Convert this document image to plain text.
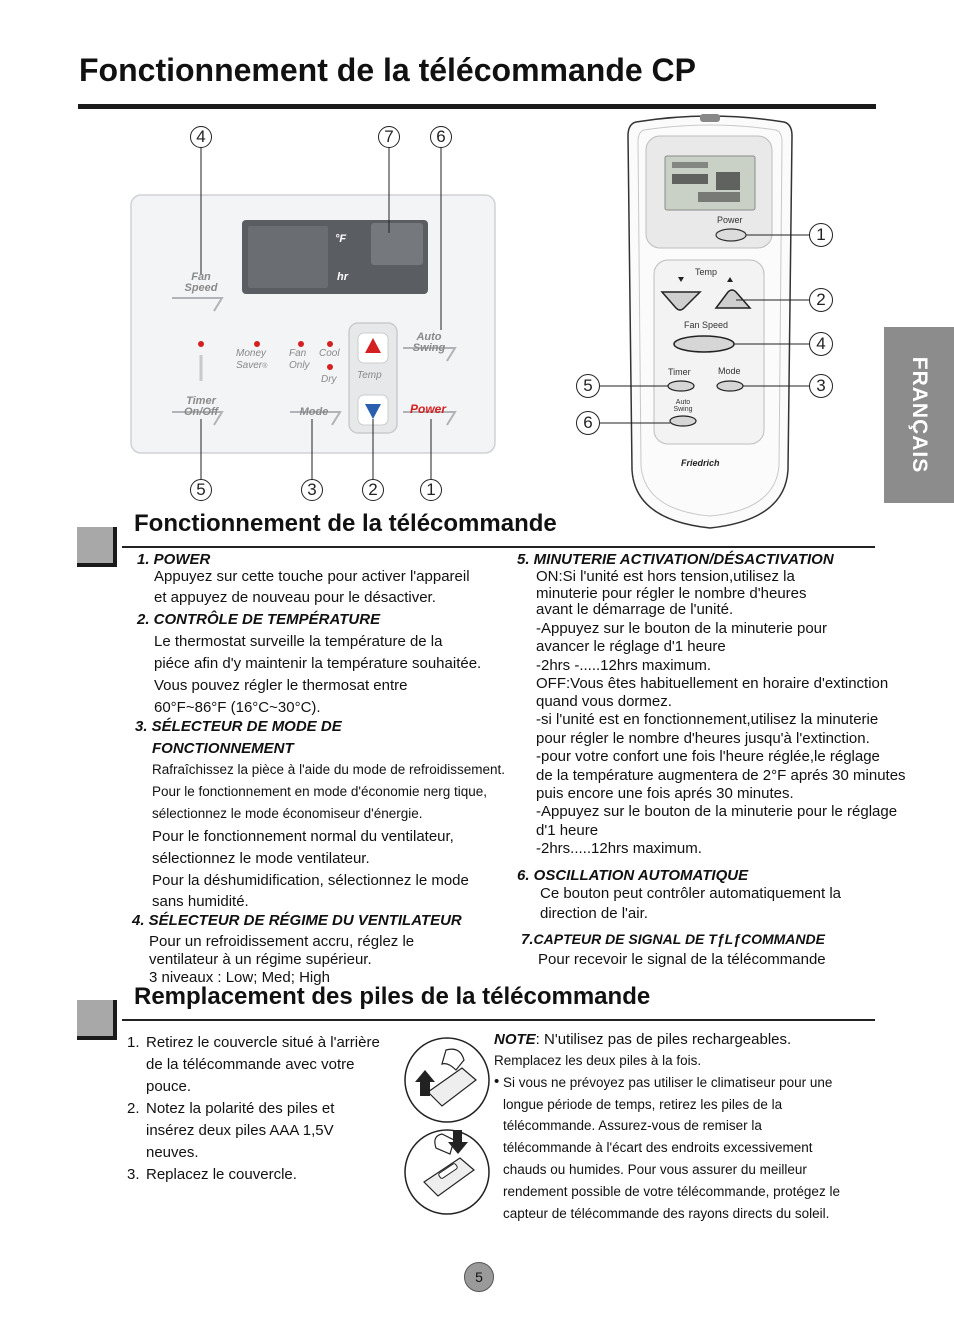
Fonctionnement de la télécommande CP
FRANÇAIS
4	7	6
5	3	2	1
°F
hr
Fan
Speed
Auto
Swing
Timer
On/Off	Mode	Power
Temp
Money
Saver®
Fan
Only
Cool
Dry
Power
Temp
Fan Speed
Timer	Mode
Auto
Swing
Friedrich
1
2
4
3
5
6
Fonctionnement de la télécommande
1. POWER
Appuyez sur cette touche pour activer l'appareil
et appuyez de nouveau pour le désactiver.
2. CONTRÔLE DE TEMPÉRATURE
Le thermostat surveille la température de la
piéce afin d'y maintenir la température souhaitée.
Vous pouvez régler le thermosat entre
60°F~86°F (16°C~30°C).
3. SÉLECTEUR DE MODE DE
FONCTIONNEMENT
Rafraîchissez la pièce à l'aide du mode de refroidissement.
Pour le fonctionnement en mode d'économie nerg tique,
sélectionnez le mode économiseur d'énergie.
Pour le fonctionnement normal du ventilateur,
sélectionnez le mode ventilateur.
Pour la déshumidification, sélectionnez le mode
sans humidité.
4. SÉLECTEUR DE RÉGIME DU VENTILATEUR
Pour un refroidissement accru, réglez le
ventilateur à un régime supérieur.
3 niveaux : Low; Med; High
5. MINUTERIE ACTIVATION/DÉSACTIVATION
ON:Si l'unité est hors tension,utilisez la
minuterie pour régler le nombre d'heures
avant le démarrage de l'unité.
-Appuyez sur le bouton de la minuterie pour
avancer le réglage d'1 heure
-2hrs -.....12hrs maximum.
OFF:Vous êtes habituellement en horaire d'extinction
quand vous dormez.
-si l'unité est en fonctionnement,utilisez la minuterie
pour régler le nombre d'heures jusqu'à l'extinction.
-pour votre confort une fois l'heure réglée,le réglage
de la température augmentera de 2°F aprés 30 minutes
puis encore une fois aprés 30 minutes.
-Appuyez sur le bouton de la minuterie pour le réglage
d'1 heure
-2hrs.....12hrs maximum.
6. OSCILLATION AUTOMATIQUE
Ce bouton peut contrôler automatiquement la
direction de l'air.
7.CAPTEUR DE SIGNAL DE TƒLƒCOMMANDE
Pour recevoir le signal de la télécommande
Remplacement des piles de la télécommande
1. Retirez le couvercle situé à l'arrière
de la télécommande avec votre
pouce.
2. Notez la polarité des piles et
insérez deux piles AAA 1,5V
neuves.
3. Replacez le couvercle.
NOTE: N'utilisez pas de piles rechargeables.
Remplacez les deux piles à la fois.
• Si vous ne prévoyez pas utiliser le climatiseur pour une
longue période de temps, retirez les piles de la
télécommande. Assurez-vous de remiser la
télécommande à l'écart des endroits excessivement
chauds ou humides. Pour vous assurer du meilleur
rendement possible de votre télécommande, protégez le
capteur de télécommande des rayons directs du soleil.
5
